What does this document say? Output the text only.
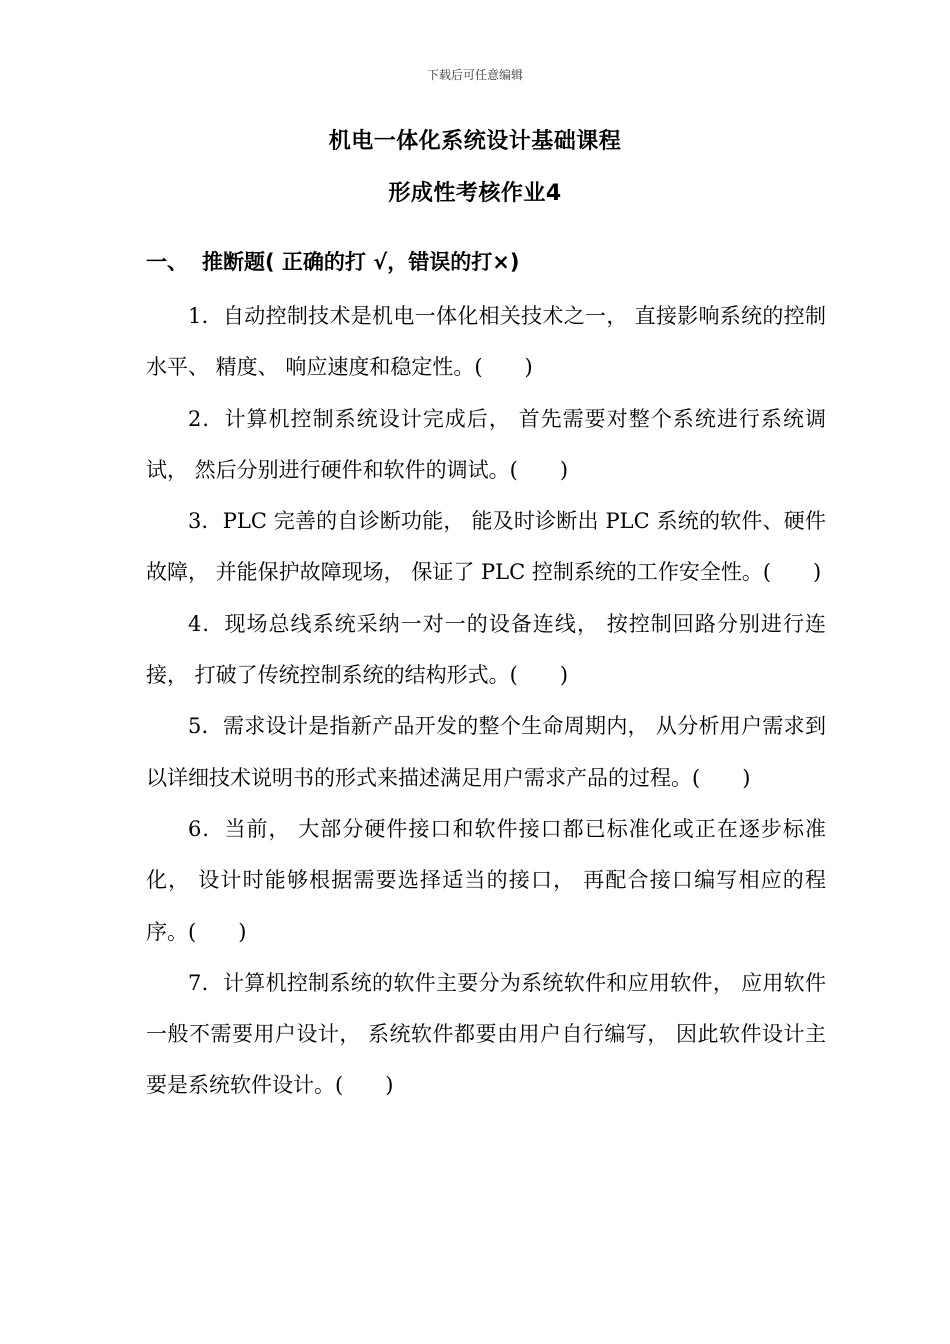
下载后可任意编辑
机电一体化系统设计基础课程
形成性考核作业4
一、 推断题( 正确的打 √，错误的打×)

1．自动控制技术是机电一体化相关技术之一， 直接影响系统的控制水平、 精度、 响应速度和稳定性。(　　)

2．计算机控制系统设计完成后， 首先需要对整个系统进行系统调试， 然后分别进行硬件和软件的调试。(　　)

3．PLC 完善的自诊断功能， 能及时诊断出 PLC 系统的软件、硬件故障， 并能保护故障现场， 保证了 PLC 控制系统的工作安全性。(　　)

4．现场总线系统采纳一对一的设备连线， 按控制回路分别进行连接， 打破了传统控制系统的结构形式。(　　)

5．需求设计是指新产品开发的整个生命周期内， 从分析用户需求到以详细技术说明书的形式来描述满足用户需求产品的过程。(　　)

6．当前， 大部分硬件接口和软件接口都已标准化或正在逐步标准化， 设计时能够根据需要选择适当的接口， 再配合接口编写相应的程序。(　　)

7．计算机控制系统的软件主要分为系统软件和应用软件， 应用软件一般不需要用户设计， 系统软件都要由用户自行编写， 因此软件设计主要是系统软件设计。(　　)
